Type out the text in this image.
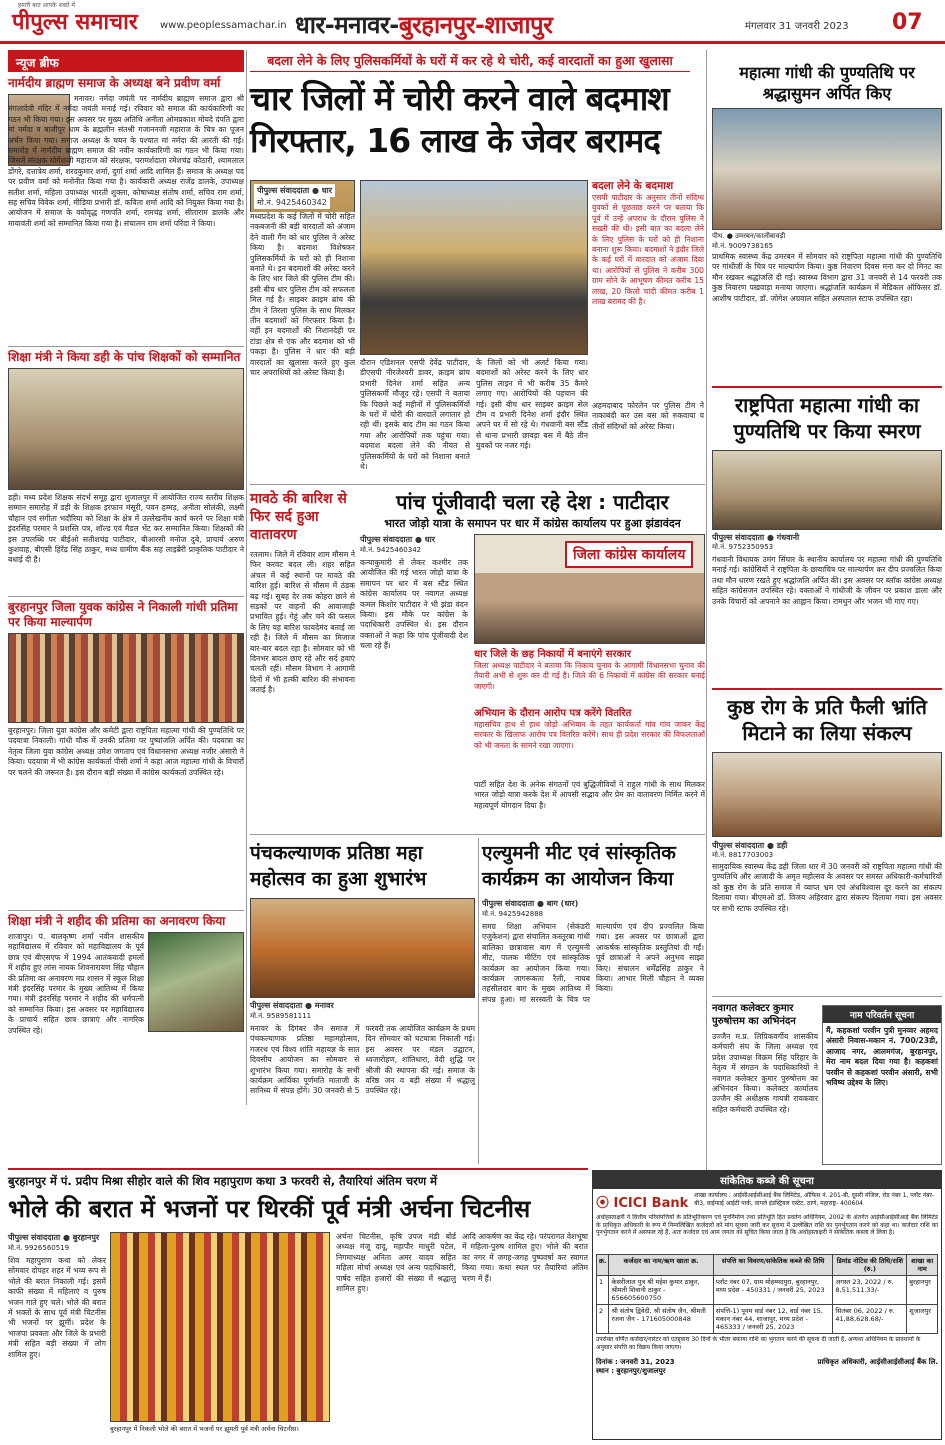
हमारी बात आपके शब्दों में
पीपुल्स समाचार www.peoplessamachar.in धार-मनावर-बुरहानपुर-शाजापुर	मंगलवार 31 जनवरी 2023 07
न्यूज ब्रीफ
नार्मदीय ब्राह्मण समाज के अध्यक्ष बने प्रवीण वर्मा
मनावर। नर्मदा जयंती पर नार्मदीय ब्राह्मण समाज द्वारा श्री मंगलादेवी मंदिर में नर्मदा जयंती मनाई गई। रविवार को समाज की कार्यकारिणी का गठन भी किया गया। इस अवसर पर मुख्य अतिथि अनीता ओमप्रकाश मोयदे दंपति द्वारा मां नर्मदा व बालीपुर धाम के ब्रह्मलीन संतश्री गजाननजी महाराज के चित्र का पूजन अर्चन किया गया। समाज अध्यक्ष के चयन के पश्चात मां नर्मदा की आरती की गई। समारोह में नार्मदीय ब्राह्मण समाज की नवीन कार्यकारिणी का गठन भी किया गया। जिसमें संरक्षक योगेशजी महाराज को संरक्षक, परामर्शदाता रमेशचंद्र कोठारी, श्यामलाल डोंगरे, दत्तात्रेय शर्मा, शरदकुमार शर्मा, दुर्गा शर्मा आदि शामिल हैं। समाज के अध्यक्ष पद पर प्रवीण वर्मा को मनोनीत किया गया है। कार्यकारी अध्यक्ष राजेंद्र डालके, उपाध्यक्ष सतीश शर्मा, महिला उपाध्यक्ष भारती शुक्ला, कोषाध्यक्ष संतोष शर्मा, सचिव राम शर्मा, सह सचिव विवेक शर्मा, मीडिया प्रभारी डॉ. कविता शर्मा आदि को नियुक्त किया गया है। आयोजन में समाज के वयोवृद्ध गणपति शर्मा, रामचंद्र शर्मा, सीताराम डालके और मायावंती शर्मा को सम्मानित किया गया है। संचालन राम शर्मा परिंदा ने किया।
शिक्षा मंत्री ने किया डही के पांच शिक्षकों को सम्मानित
डही। मध्य प्रदेश शिक्षक संदर्भ समूह द्वारा शुजालपुर में आयोजित राज्य स्तरीय शिक्षक सम्मान समारोह में डही के शिक्षक इरफान मंसूरी, पवन हम्मड़, अनीता सोलंकी, लक्ष्मी चौहान एवं संगीता भदौरिया को शिक्षा के क्षेत्र में उल्लेखनीय कार्य करने पर शिक्षा मंत्री इंदरसिंह परमार ने प्रशस्ति पत्र, शॉल्ड एवं मैडल भेंट कर सम्मानित किया। शिक्षकों की इस उपलब्धि पर बीईओ सतीशचंद्र पाटीदार, बीआरसी मनोज दुबे, प्राचार्य अरुण कुशवाह, बीएसी हिरेंद्र सिंह ठाकुर, मध्य ग्रामीण बैंक सह लाइब्रेरी प्राकृतिक पाटीदार ने बधाई दी है।
बुरहानपुर जिला युवक कांग्रेस ने निकाली गांधी प्रतिमा पर किया माल्यार्पण
बुरहानपुर। जिला युवा कांग्रेस और कमेटी द्वारा राष्ट्रपिता महात्मा गांधी की पुण्यतिथि पर पदयात्रा निकाली। गांधी चौक में उनकी प्रतिमा पर पुष्पांजलि अर्पित की। पदयात्रा का नेतृत्व जिला युवा कांग्रेस अध्यक्ष उमेश जगताप एवं विधानसभा अध्यक्ष नजीर अंसारी ने किया। पदयात्रा में भी कांग्रेस कार्यकर्ता पीसी शर्मा ने कहा आज महात्मा गांधी के विचारों पर चलने की जरूरत है। इस दौरान बड़ी संख्या में कांग्रेस कार्यकर्ता उपस्थित रहे।
शिक्षा मंत्री ने शहीद की प्रतिमा का अनावरण किया
शाजापुर। पं. बालकृष्ण शर्मा नवीन शासकीय महाविद्यालय में रविवार को महाविद्यालय के पूर्व छात्र एवं बीएसएफ में 1994 आतंकवादी हमलों में शहीद हुए लांस नायक शिवनारायण सिंह चौहान की प्रतिमा का अनावरण मप्र शासन में स्कूल शिक्षा मंत्री इंदरसिंह परमार के मुख्य आतिथ्य में किया गया। मंत्री इंदरसिंह परमार ने शहीद की धर्मपत्नी को सम्मानित किया। इस अवसर पर महाविद्यालय के प्राचार्य सहित छात्र छात्राएं और नागरिक उपस्थित रहे।
बदला लेने के लिए पुलिसकर्मियों के घरों में कर रहे थे चोरी, कई वारदातों का हुआ खुलासा
चार जिलों में चोरी करने वाले बदमाश गिरफ्तार, 16 लाख के जेवर बरामद
पीपुल्स संवाददाता ● धार
मो.नं. 9425460342
मध्यप्रदेश के कई जिलों में चोरी सहित नकबजनी की बड़ी वारदातों को अंजाम देने वाली गैंग को धार पुलिस ने अरेस्ट किया है। बदमाश विशेषकर पुलिसकर्मियों के घरों को ही निशाना बनाते थे। इन बदमाशों की अरेस्ट करने के लिए धार जिले की पुलिस टीम की। इसी बीच धार पुलिस टीम को सफलता मिल गई है। साइबर क्राइम ब्रांच की टीम ने तिरला पुलिस के साथ मिलकर तीन बदमाशों को गिरफ्तार किया है। वहीं इन बदमाशों की निशानदेही पर टांडा क्षेत्र से एक और बदमाश को भी पकड़ा है। पुलिस ने धार की बड़ी वारदातों का खुलासा करते हुए कुल चार अपराधियों को अरेस्ट किया है।
दौरान एडिशनल एसपी देवेंद्र पाटीदार, डीएसपी नीरजेश्वरी डावर, क्राइम ब्रांच प्रभारी दिनेश शर्मा सहित अन्य पुलिसकर्मी मौजूद रहे। एसपी ने बताया कि पिछले कई महीनों में पुलिसकर्मियों के घरों में चोरी की वारदातें लगातार हो रही थीं। इसके बाद टीम का गठन किया गया और आरोपियों तक पहुंचा गया। बदमाश बदला लेने की नीयत से पुलिसकर्मियों के घरों को निशाना बनाते थे।
के जिलों को भी अलर्ट किया गया। बदमाशों को अरेस्ट करने के लिए धार पुलिस लाइन में भी करीब 35 कैमरे लगाए गए। आरोपियों की पहचान की गई। इसी बीच धार साइबर क्राइम सेल टीम व प्रभारी दिनेश शर्मा इंदौर स्थित अपने घर में सो रहे थे। गंधवानी बस स्टैंड से थाना प्रभारी छावड़ा बस में बैठे तीन युवकों पर नजर गई।
बदला लेने के बदमाश
एसपी पाटीदार के अनुसार तीनों संदिग्ध युवकों से पूछताछ करने पर बताया कि पूर्व में उन्हें अपराध के दौरान पुलिस ने सख्ती की थी। इसी बात का बदला लेने के लिए पुलिस के घरों को ही निशाना बनाना शुरू किया। बदमाशों ने इंदौर जिले के कई घरों में वारदात को अंजाम दिया था। आरोपियों से पुलिस ने करीब 300 ग्राम सोने के आभूषण कीमत करीब 15 लाख, 20 किलो चांदी कीमत करीब 1 लाख बरामद की है।
अहमदाबाद फोरलेन पर पुलिस टीम ने नाकाबंदी कर उस बस को रुकवाया व तीनों संदिग्धों को अरेस्ट किया।
महात्मा गांधी की पुण्यतिथि पर श्रद्धासुमन अर्पित किए
पीथ. ● उमरबन/कालीबावड़ी
मो.नं. 9009738165
प्राथमिक स्वास्थ्य केंद्र उमरबन में सोमवार को राष्ट्रपिता महात्मा गांधी की पुण्यतिथि पर गांधीजी के चित्र पर माल्यार्पण किया। कुष्ठ निवारण दिवस मना कर दो मिनट का मौन रखकर श्रद्धांजलि दी गई। स्वास्थ्य विभाग द्वारा 31 जनवरी से 14 फरवरी तक कुष्ठ निवारण पखवाड़ा मनाया जाएगा। श्रद्धांजलि कार्यक्रम में मेडिकल ऑफिसर डॉ. आशीष पाटीदार, डॉ. जोगेश अग्रवाल सहित अस्पताल स्टाफ उपस्थित रहा।
राष्ट्रपिता महात्मा गांधी का पुण्यतिथि पर किया स्मरण
पीपुल्स संवाददाता ● गंधवानी
मो.नं. 9752350953
गंधवानी विधायक उमंग सिंघार के स्थानीय कार्यालय पर महात्मा गांधी की पुण्यतिथि मनाई गई। कांग्रेसियों ने राष्ट्रपिता के छायाचित्र पर माल्यार्पण कर दीप प्रज्वलित किया तथा मौन धारण रखते हुए श्रद्धांजलि अर्पित की। इस अवसर पर ब्लॉक कांग्रेस अध्यक्ष सहित कांग्रेसजन उपस्थित रहे। वक्ताओं ने गांधीजी के जीवन पर प्रकाश डाला और उनके विचारों को अपनाने का आह्वान किया। रामधुन और भजन भी गाए गए।
कुष्ठ रोग के प्रति फैली भ्रांति मिटाने का लिया संकल्प
पीपुल्स संवाददाता ● डही
मो.नं. 8817703003
सामुदायिक स्वास्थ्य केंद्र डही जिला धार में 30 जनवरी को राष्ट्रपिता महात्मा गांधी की पुण्यतिथि और आजादी के अमृत महोत्सव के अवसर पर समस्त अधिकारी-कर्मचारियों को कुष्ठ रोग के प्रति समाज में व्याप्त भ्रम एवं अंधविश्वास दूर करने का संकल्प दिलाया गया। बीएमओ डॉ. विजय अहिरवार द्वारा संकल्प दिलाया गया। इस अवसर पर सभी स्टाफ उपस्थित रहे।
नवागत कलेक्टर कुमार पुरुषोत्तम का अभिनंदन
उज्जैन म.प्र. लिपिकवर्गीय शासकीय कर्मचारी संघ के जिला अध्यक्ष एवं प्रदेश उपाध्यक्ष विक्रम सिंह परिहार के नेतृत्व में संगठन के पदाधिकारियों ने नवागत कलेक्टर कुमार पुरुषोत्तम का अभिनंदन किया। कलेक्टर कार्यालय उज्जैन की अधीक्षक गायत्री रायकवार सहित कर्मचारी उपस्थित रहे।
नाम परिवर्तन सूचना
मैं, कहकशां परवीन पुत्री मुनव्वर अहमद अंसारी निवास-मकान नं. 700/23डी, आजाद नगर, आलमगंज, बुरहानपुर, मेरा नाम बदल दिया गया है। कहकशां परवीन से कहकशां परवीन अंसारी, सभी भविष्य उद्देश्य के लिए।
मावठे की बारिश से फिर सर्द हुआ वातावरण
रतलाम। जिले में रविवार शाम मौसम ने फिर करवट बदल ली। शहर सहित अंचल में कई स्थानों पर मावठे की बारिश हुई। बारिश से मौसम में ठंडक बढ़ गई। सुबह देर तक कोहरा छाने से सड़कों पर वाहनों की आवाजाही प्रभावित हुई। गेहूं और चने की फसल के लिए यह बारिश फायदेमंद बताई जा रही है। जिले में मौसम का मिजाज बार-बार बदल रहा है। सोमवार को भी दिनभर बादल छाए रहे और सर्द हवाएं चलती रहीं। मौसम विभाग ने आगामी दिनों में भी हल्की बारिश की संभावना जताई है।
पांच पूंजीवादी चला रहे देश : पाटीदार
भारत जोड़ो यात्रा के समापन पर धार में कांग्रेस कार्यालय पर हुआ झंडावंदन
पीपुल्स संवाददाता ● धार
मो.नं. 9425460342
कन्याकुमारी से लेकर कश्मीर तक आयोजित की गई भारत जोड़ो यात्रा के समापन पर धार में बस स्टैंड स्थित कांग्रेस कार्यालय पर नवागत अध्यक्ष कमल किशोर पाटीदार ने भी झंडा वंदन किया। इस मौके पर कांग्रेस के पदाधिकारी उपस्थित थे। इस दौरान वक्ताओं ने कहा कि पांच पूंजीवादी देश चला रहे हैं।
जिला कांग्रेस कार्यालय
धार जिले के छह निकायों में बनाएंगे सरकार
जिला अध्यक्ष पाटीदार ने बताया कि निकाय चुनाव के आगामी विधानसभा चुनाव की तैयारी अभी से शुरू कर दी गई है। जिले की 6 निकायों में कांग्रेस की सरकार बनाई जाएगी।
अभियान के दौरान आरोप पत्र करेंगे वितरित
महासचिव हाथ से हाथ जोड़ो अभियान के तहत कार्यकर्ता गांव गांव जाकर केंद्र सरकार के खिलाफ आरोप पत्र वितरित करेंगे। साथ ही प्रदेश सरकार की विफलताओं को भी जनता के सामने रखा जाएगा।
पार्टी सहित देश के अनेक संगठनों एवं बुद्धिजीवियों ने राहुल गांधी के साथ मिलकर भारत जोड़ो यात्रा करके देश में आपसी सद्भाव और प्रेम का वातावरण निर्मित करने में महत्वपूर्ण योगदान दिया है।
पंचकल्याणक प्रतिष्ठा महा महोत्सव का हुआ शुभारंभ
पीपुल्स संवाददाता ● मनावर
मो.नं. 9589581111
मनावर के दिगंबर जैन समाज में पंचकल्याणक प्रतिष्ठा महामहोत्सव, गजरथ एवं विश्व शांति महायज्ञ के सात दिवसीय आयोजन का सोमवार से शुभारंभ किया गया। समारोह के सभी कार्यक्रम आर्यिका पूर्णमति माताजी के सानिध्य में संपन्न होंगे। 30 जनवरी से 5 फरवरी तक आयोजित कार्यक्रम के प्रथम दिन सोमवार को घटयात्रा निकाली गई। इस अवसर पर मंडल उद्घाटन, ध्वजारोहण, शांतिधारा, वेदी शुद्धि पर श्रीजी की स्थापना की गई। समाज के वरिष्ठ जन व बड़ी संख्या में श्रद्धालु उपस्थित रहे।
एल्युमनी मीट एवं सांस्कृतिक कार्यक्रम का आयोजन किया
पीपुल्स संवाददाता ● बाग (धार)
मो.नं. 9425942888
समग्र शिक्षा अभियान (सेकंडरी एजुकेशन) द्वारा संचालित कस्तूरबा गांधी बालिका छात्रावास बाग में एल्युमनी मीट, पालक मीटिंग एवं सांस्कृतिक कार्यक्रम का आयोजन किया गया। कार्यक्रम जागरूकता रैली, नायब तहसीलदार बाग के मुख्य आतिथ्य में संपन्न हुआ। मां सरस्वती के चित्र पर माल्यार्पण एवं दीप प्रज्वलित किया गया। इस अवसर पर छात्राओं द्वारा आकर्षक सांस्कृतिक प्रस्तुतियां दी गईं। पूर्व छात्राओं ने अपने अनुभव साझा किए। संचालन धर्मेंद्रसिंह ठाकुर ने किया। आभार मिली चौहान ने व्यक्त किया।
बुरहानपुर में पं. प्रदीप मिश्रा सीहोर वाले की शिव महापुराण कथा 3 फरवरी से, तैयारियां अंतिम चरण में
भोले की बरात में भजनों पर थिरकीं पूर्व मंत्री अर्चना चिटनीस
पीपुल्स संवाददाता ● बुरहानपुर
मो.नं. 9926560519
शिव महापुराण कथा को लेकर सोमवार दोपहर शहर में भव्य रूप से भोले की बरात निकाली गई। इसमें काफी संख्या में महिलाएं व पुरुष भजन गाते हुए चले। भोले की बरात में भक्तों के साथ पूर्व मंत्री चिटनीस भी भजनों पर झूमीं। प्रदेश के भाजपा प्रवक्ता और जिले के प्रभारी मंत्री सहित बड़ी संख्या में लोग शामिल हुए।
बुरहानपुर में निकली भोले की बरात में भजनों पर झूमती पूर्व मंत्री अर्चना चिटनीस।
अर्चना चिटनीस, कृषि उपज मंडी बोर्ड अध्यक्ष मंजू दादू, महापौर माधुरी पटेल, निगमाध्यक्ष अनिता अमर यादव सहित महिला मोर्चा अध्यक्ष एवं अन्य पदाधिकारी, पार्षद सहित हजारों की संख्या में श्रद्धालु शामिल हुए।
आदि आकर्षण का केंद्र रहे। परंपरागत वेशभूषा में महिला-पुरुष शामिल हुए। भोले की बरात का नगर में जगह-जगह पुष्पवर्षा कर स्वागत किया गया। कथा स्थल पर तैयारियां अंतिम चरण में हैं।
सांकेतिक कब्जे की सूचना
⦿ ICICI Bank
शाखा कार्यालय : आईसीआईसीआई बैंक लिमिटेड, ऑफिस नं. 201-बी, दूसरी मंजिल, रोड नंबर 1, प्लॉट नंबर-बी3, वाईफाई आईटी पार्क, वागले इंडस्ट्रियल एस्टेट, ठाणे, महाराष्ट्र- 400604
अधोहस्ताक्षरी ने वित्तीय परिसंपत्तियों के प्रतिभूतिकरण एवं पुनर्निर्माण तथा प्रतिभूति हित प्रवर्तन अधिनियम, 2002 के अंतर्गत आईसीआईसीआई बैंक लिमिटेड के प्राधिकृत अधिकारी के रूप में निम्नलिखित कर्जदारों को मांग सूचना जारी कर सूचना में उल्लेखित राशि का पुनर्भुगतान करने को कहा था। कर्जदार राशि का पुनर्भुगतान करने में असफल रहे हैं, अतः कर्जदार एवं आम जनता को सूचित किया जाता है कि अधोहस्ताक्षरी ने सांकेतिक कब्जा ले लिया है।
क्र.	कर्जदार का नाम/ऋण खाता क्र.	संपत्ति का विवरण/सांकेतिक कब्जे की तिथि	डिमांड नोटिस की तिथि/राशि (रु.)	शाखा का नाम
1	केसरीलाल पुत्र श्री महेश कुमार ठाकुर, श्रीमती शिवानी ठाकुर - 656605600750	प्लॉट नंबर 07, ग्राम मोहम्मदपुरा, बुरहानपुर, मध्य प्रदेश - 450331 / जनवरी 25, 2023	अगस्त 23, 2022 / रु. 8,51,511.33/-	बुरहानपुर
2	श्री संतोष द्विवेदी, श्री संतोष जैन, श्रीमती रंजना जैन - 171605000848	संपत्ति-1) पूनम वार्ड नंबर 12, वार्ड नंबर 15, मकान नंबर 44, शाजापुर, मध्य प्रदेश - 465333 / जनवरी 25, 2023	सितंबर 06, 2022 / रु. 41,88,628.68/-	शुजालपुर
उपरोक्त वर्णित कर्जदार/गारंटर को एतद्द्वारा 30 दिनों के भीतर बकाया राशि का भुगतान करने की सूचना दी जाती है, अन्यथा अधिनियम के प्रावधानों के अनुसार संपत्ति का विक्रय किया जाएगा।
दिनांक : जनवरी 31, 2023
स्थान : बुरहानपुर/शुजालपुर
प्राधिकृत अधिकारी, आईसीआईसीआई बैंक लि.
